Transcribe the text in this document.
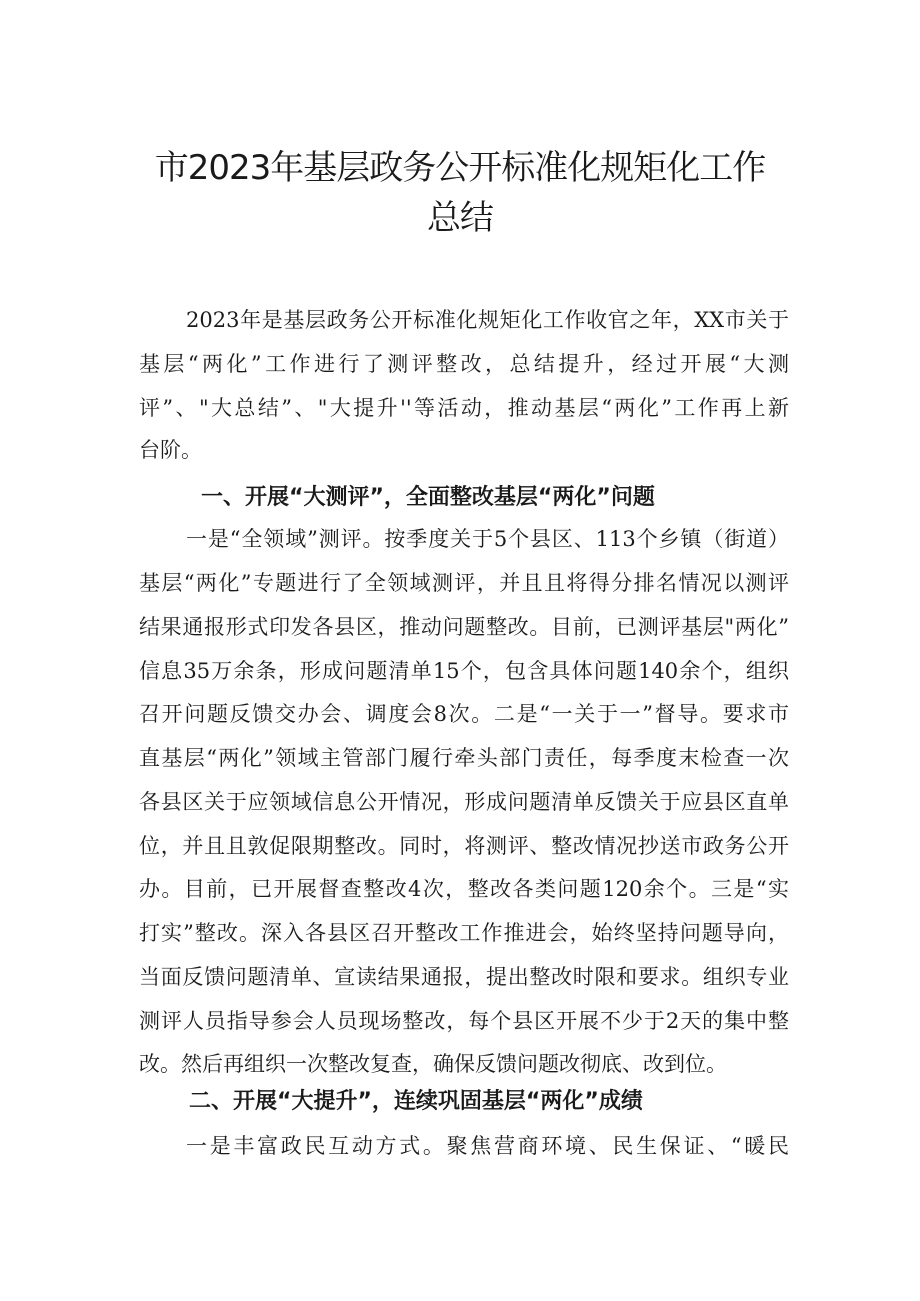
市2023年基层政务公开标准化规矩化工作
总结
2023年是基层政务公开标准化规矩化工作收官之年，XX市关于
基层“两化”工作进行了测评整改，总结提升，经过开展“大测
评”、"大总结”、"大提升''等活动，推动基层“两化”工作再上新
台阶。
一、开展“大测评”，全面整改基层“两化”问题
一是“全领域”测评。按季度关于5个县区、113个乡镇（街道）
基层“两化”专题进行了全领域测评，并且且将得分排名情况以测评
结果通报形式印发各县区，推动问题整改。目前，已测评基层"两化”
信息35万余条，形成问题清单15个，包含具体问题140余个，组织
召开问题反馈交办会、调度会8次。二是“一关于一”督导。要求市
直基层“两化”领域主管部门履行牵头部门责任，每季度末检查一次
各县区关于应领域信息公开情况，形成问题清单反馈关于应县区直单
位，并且且敦促限期整改。同时，将测评、整改情况抄送市政务公开
办。目前，已开展督查整改4次，整改各类问题120余个。三是“实
打实”整改。深入各县区召开整改工作推进会，始终坚持问题导向，
当面反馈问题清单、宣读结果通报，提出整改时限和要求。组织专业
测评人员指导参会人员现场整改，每个县区开展不少于2天的集中整
改。然后再组织一次整改复查，确保反馈问题改彻底、改到位。
二、开展“大提升”，连续巩固基层“两化”成绩
一是丰富政民互动方式。聚焦营商环境、民生保证、“暖民
